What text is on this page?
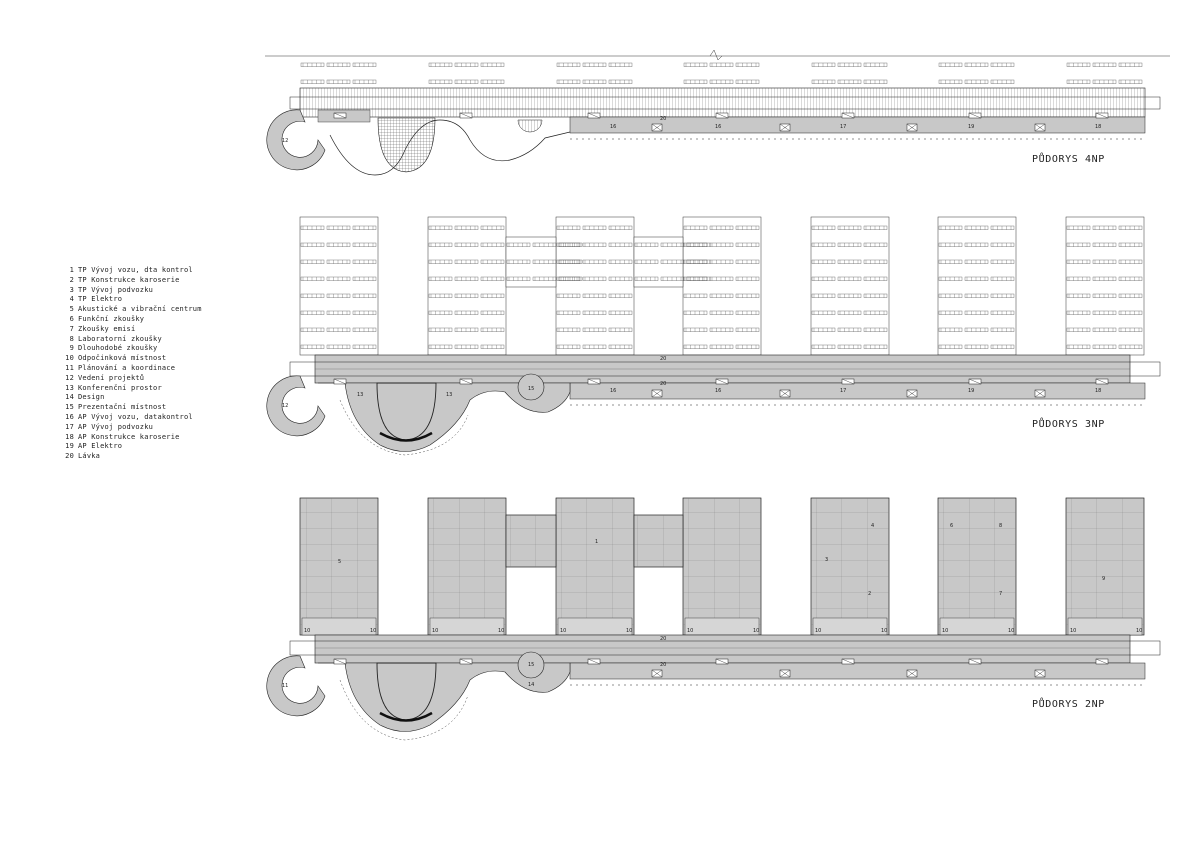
1 TP Vývoj vozu, dta kontrol
2 TP Konstrukce karoserie
3 TP Vývoj podvozku
4 TP Elektro
5 Akustické a vibrační centrum
6 Funkční zkoušky
7 Zkoušky emisí
8 Laboratorní zkoušky
9 Dlouhodobé zkoušky
10 Odpočinková místnost
11 Plánování a koordinace
12 Vedení projektů
13 Konferenční prostor
14 Design
15 Prezentační místnost
16 AP Vývoj vozu, datakontrol
17 AP Vývoj podvozku
18 AP Konstrukce karoserie
19 AP Elektro
20 Lávka
PŮDORYS 4NP
12
20
16	16	17	19	18
PŮDORYS 3NP
12
13	13
20
20
15	16	16	17	19	18
PŮDORYS 2NP
5
1
3
4
2
6	8
7
9
11	14
15
20
20
10	10	10	10	10	10	10	10	10	10	10	10	10	10
